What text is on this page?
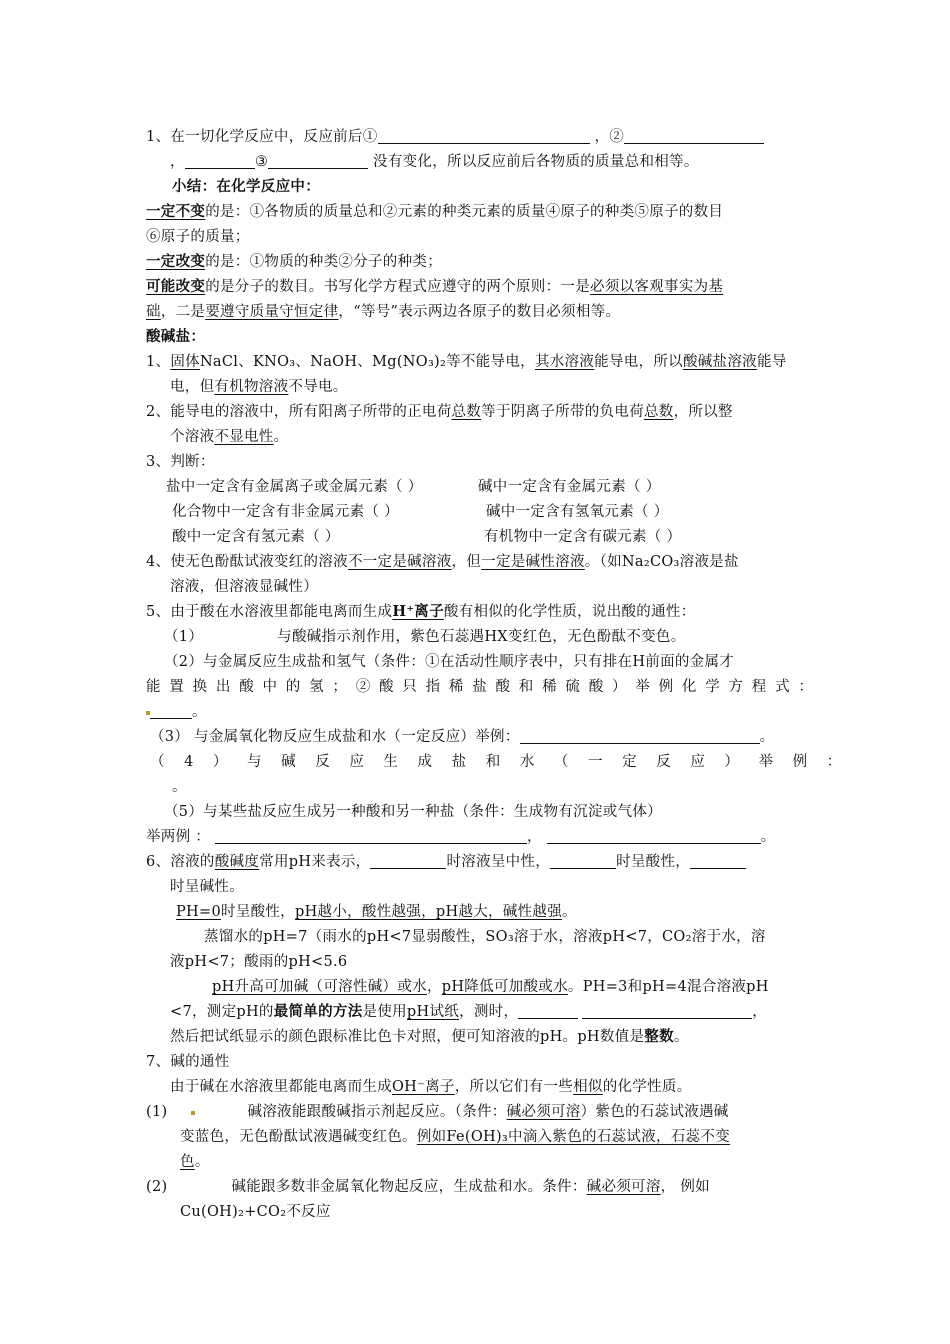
1、在一切化学反应中，反应前后①	，②
，	③	没有变化，所以反应前后各物质的质量总和相等。
小结：在化学反应中：
一定不变的是：①各物质的质量总和②元素的种类元素的质量④原子的种类⑤原子的数目
⑥原子的质量；
一定改变的是：①物质的种类②分子的种类；
可能改变的是分子的数目。书写化学方程式应遵守的两个原则：一是必须以客观事实为基
础，二是要遵守质量守恒定律，“等号”表示两边各原子的数目必须相等。
酸碱盐：
1、固体NaCl、KNO₃、NaOH、Mg(NO₃)₂等不能导电，其水溶液能导电，所以酸碱盐溶液能导
电，但有机物溶液不导电。
2、能导电的溶液中，所有阳离子所带的正电荷总数等于阴离子所带的负电荷总数，所以整
个溶液不显电性。
3、判断：
盐中一定含有金属离子或金属元素（ ）	碱中一定含有金属元素（ ）
化合物中一定含有非金属元素（ ）	碱中一定含有氢氧元素（ ）
酸中一定含有氢元素（ ）	有机物中一定含有碳元素（ ）
4、使无色酚酞试液变红的溶液不一定是碱溶液，但一定是碱性溶液。（如Na₂CO₃溶液是盐
溶液，但溶液显碱性）
5、由于酸在水溶液里都能电离而生成H⁺离子酸有相似的化学性质，说出酸的通性：
（1）	与酸碱指示剂作用，紫色石蕊遇HX变红色，无色酚酞不变色。
（2）与金属反应生成盐和氢气（条件：①在活动性顺序表中，只有排在H前面的金属才
能置换出酸中的氢；②酸只指稀盐酸和稀硫酸）举例化学方程式：
。
（3） 与金属氧化物反应生成盐和水（一定反应）举例：	。
（4）与碱反应生成盐和水（一定反应）举例：
。
（5）与某些盐反应生成另一种酸和另一种盐（条件：生成物有沉淀或气体）
举两例 ：	，	。
6、溶液的酸碱度常用pH来表示，	时溶液呈中性，	时呈酸性，
时呈碱性。
PH=0时呈酸性，pH越小，酸性越强，pH越大，碱性越强。
蒸馏水的pH=7（雨水的pH<7显弱酸性，SO₃溶于水，溶液pH<7，CO₂溶于水，溶
液pH<7；酸雨的pH<5.6
pH升高可加碱（可溶性碱）或水，pH降低可加酸或水。PH=3和pH=4混合溶液pH
<7，测定pH的最简单的方法是使用pH试纸，测时，	，
然后把试纸显示的颜色跟标准比色卡对照，便可知溶液的pH。pH数值是整数。
7、碱的通性
由于碱在水溶液里都能电离而生成OH⁻离子，所以它们有一些相似的化学性质。
(1)	碱溶液能跟酸碱指示剂起反应。（条件：碱必须可溶）紫色的石蕊试液遇碱
变蓝色，无色酚酞试液遇碱变红色。例如Fe(OH)₃中滴入紫色的石蕊试液，石蕊不变
色。
(2)	碱能跟多数非金属氧化物起反应，生成盐和水。条件：碱必须可溶， 例如
Cu(OH)₂+CO₂不反应
